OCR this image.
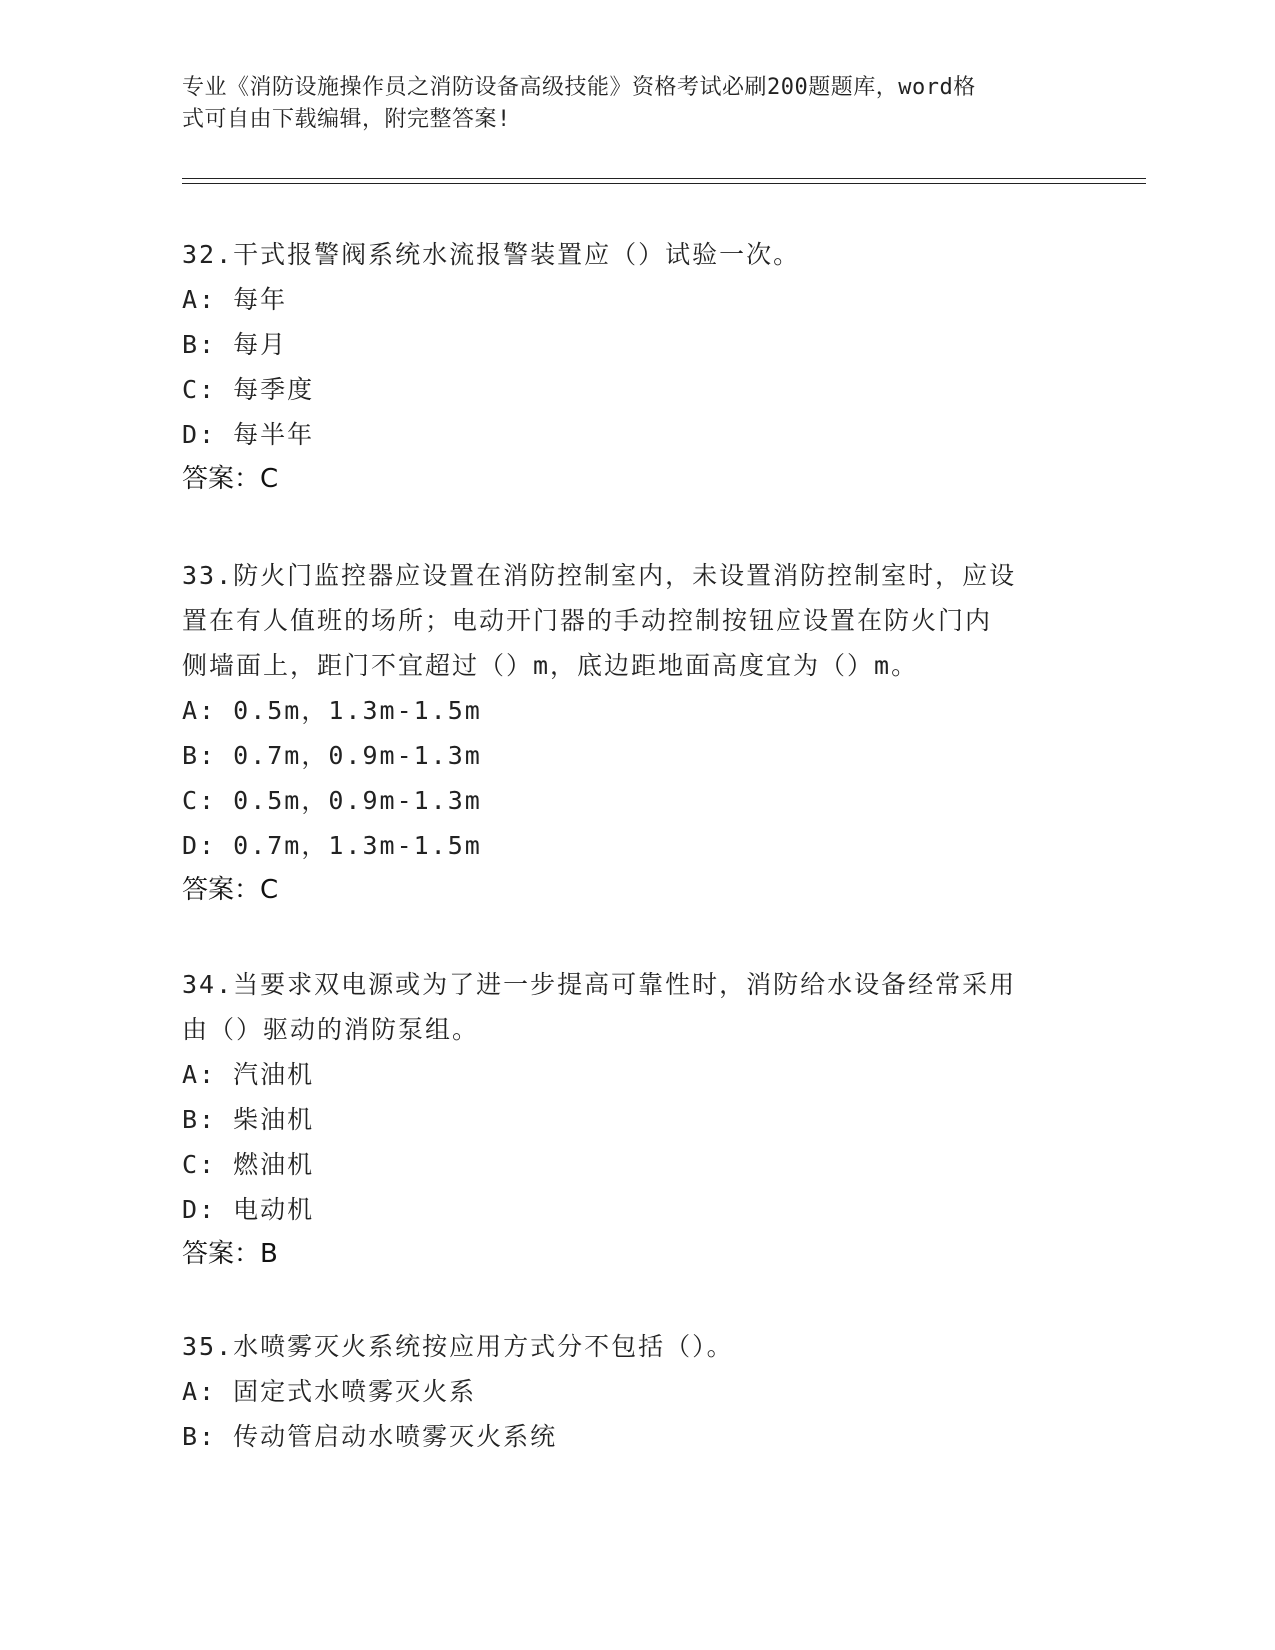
专业《消防设施操作员之消防设备高级技能》资格考试必刷200题题库，word格
式可自由下载编辑，附完整答案!

32.干式报警阀系统水流报警装置应（）试验一次。

A: 每年

B: 每月

C: 每季度

D: 每半年

答案：C

33.防火门监控器应设置在消防控制室内，未设置消防控制室时，应设

置在有人值班的场所；电动开门器的手动控制按钮应设置在防火门内

侧墙面上，距门不宜超过（）m，底边距地面高度宜为（）m。

A: 0.5m，1.3m-1.5m

B: 0.7m，0.9m-1.3m

C: 0.5m，0.9m-1.3m

D: 0.7m，1.3m-1.5m

答案：C

34.当要求双电源或为了进一步提高可靠性时，消防给水设备经常采用

由（）驱动的消防泵组。

A: 汽油机

B: 柴油机

C: 燃油机

D: 电动机

答案：B

35.水喷雾灭火系统按应用方式分不包括（）。

A: 固定式水喷雾灭火系

B: 传动管启动水喷雾灭火系统
